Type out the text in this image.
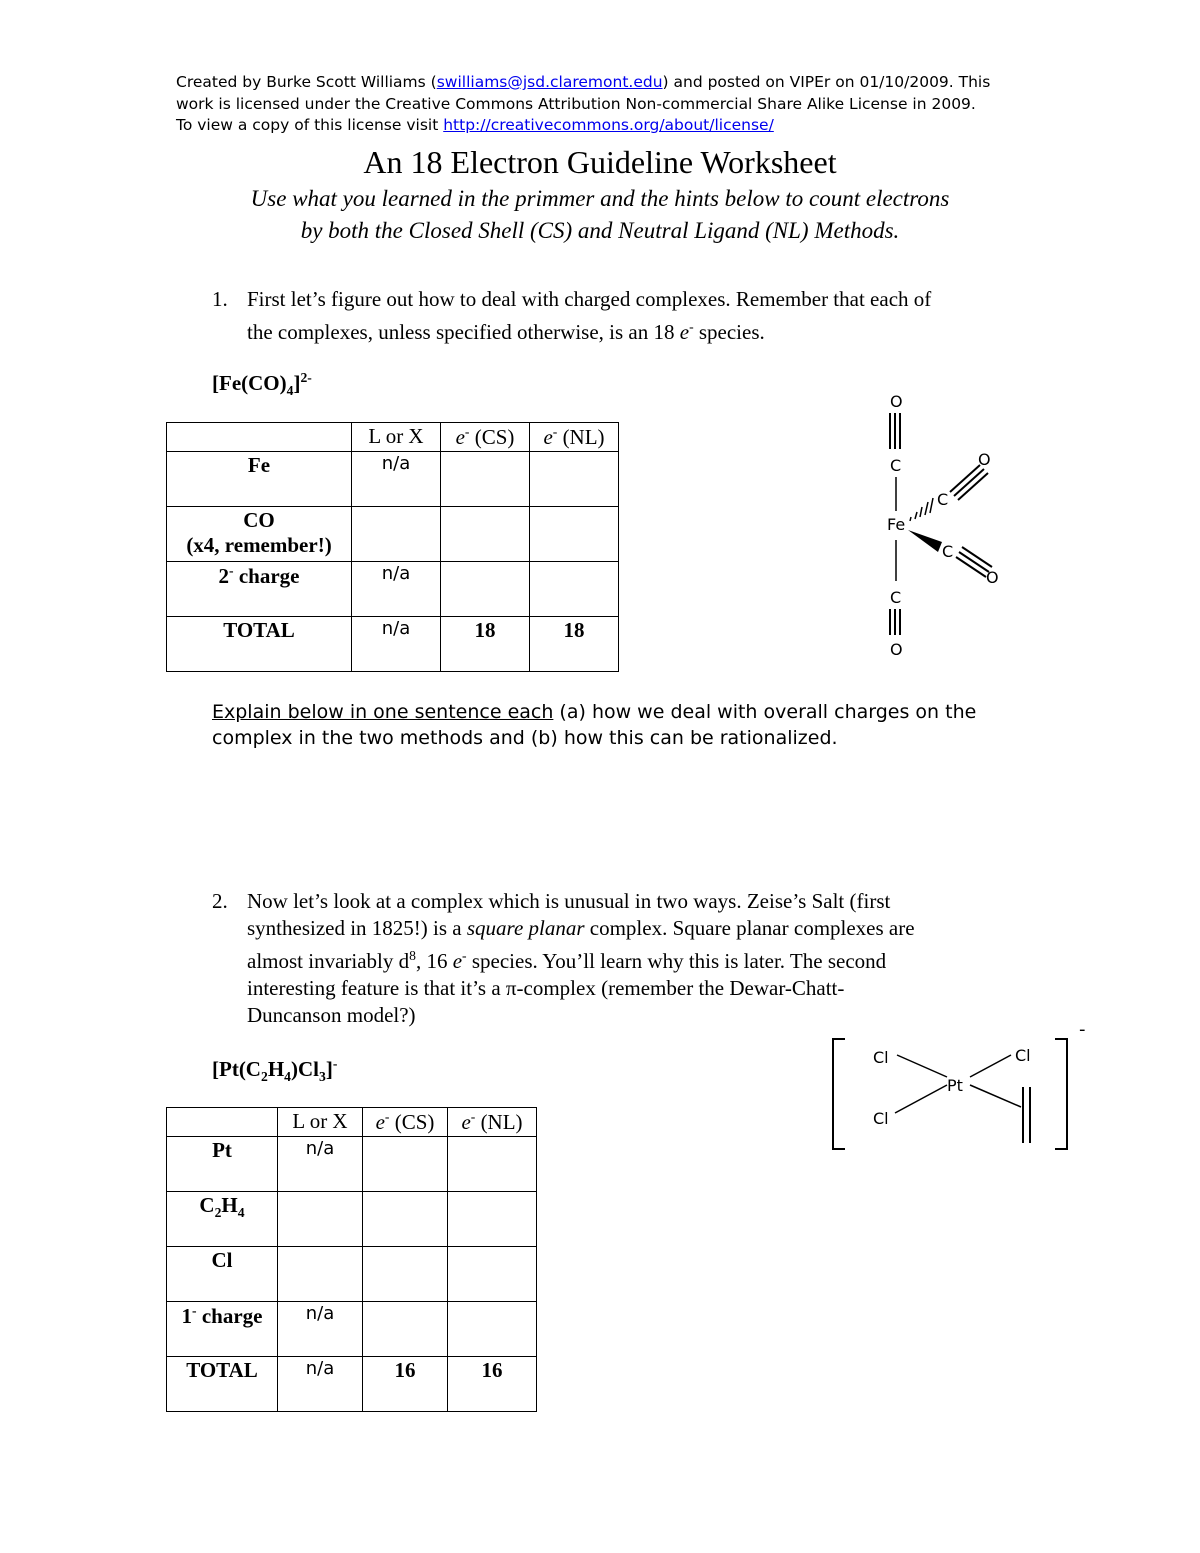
Created by Burke Scott Williams (swilliams@jsd.claremont.edu) and posted on VIPEr on 01/10/2009. This
work is licensed under the Creative Commons Attribution Non-commercial Share Alike License in 2009.
To view a copy of this license visit http://creativecommons.org/about/license/
An 18 Electron Guideline Worksheet
Use what you learned in the primmer and the hints below to count electrons
by both the Closed Shell (CS) and Neutral Ligand (NL) Methods.
1. First let’s figure out how to deal with charged complexes. Remember that each of
the complexes, unless specified otherwise, is an 18 e- species.
$[Fe(CO)_4]^{2-}$
	L or X	e- (CS)	e- (NL)
Fe	n/a		

CO
(x4, remember!)			

2- charge	n/a		
TOTAL	n/a	18	18
O
C
Fe
C
O
C
O
C
O
Explain below in one sentence each (a) how we deal with overall charges on the
complex in the two methods and (b) how this can be rationalized.
2. Now let’s look at a complex which is unusual in two ways. Zeise’s Salt (first
synthesized in 1825!) is a square planar complex. Square planar complexes are
almost invariably $d^8$, 16 e- species. You’ll learn why this is later. The second
interesting feature is that it’s a π-complex (remember the Dewar-Chatt-
Duncanson model?)
$[Pt(C_2H_4)Cl_3]^-$
	L or X	e- (CS)	e- (NL)
Pt	n/a		
$C_2H_4$			
Cl			
1- charge	n/a		
TOTAL	n/a	16	16
-
Cl
Cl
Cl
Pt
